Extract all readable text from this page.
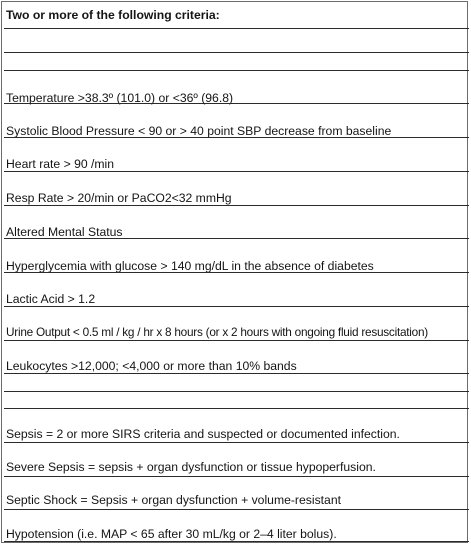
Two or more of the following criteria:
Temperature >38.3º (101.0) or <36º (96.8)
Systolic Blood Pressure < 90 or > 40 point SBP decrease from baseline
Heart rate > 90 /min
Resp Rate > 20/min or PaCO2<32 mmHg
Altered Mental Status
Hyperglycemia with glucose > 140 mg/dL in the absence of diabetes
Lactic Acid > 1.2
Urine Output < 0.5 ml / kg / hr x 8 hours (or x 2 hours with ongoing fluid resuscitation)
Leukocytes >12,000; <4,000 or more than 10% bands
Sepsis = 2 or more SIRS criteria and suspected or documented infection.
Severe Sepsis = sepsis + organ dysfunction or tissue hypoperfusion.
Septic Shock = Sepsis + organ dysfunction + volume-resistant
Hypotension (i.e. MAP < 65 after 30 mL/kg or 2–4 liter bolus).
